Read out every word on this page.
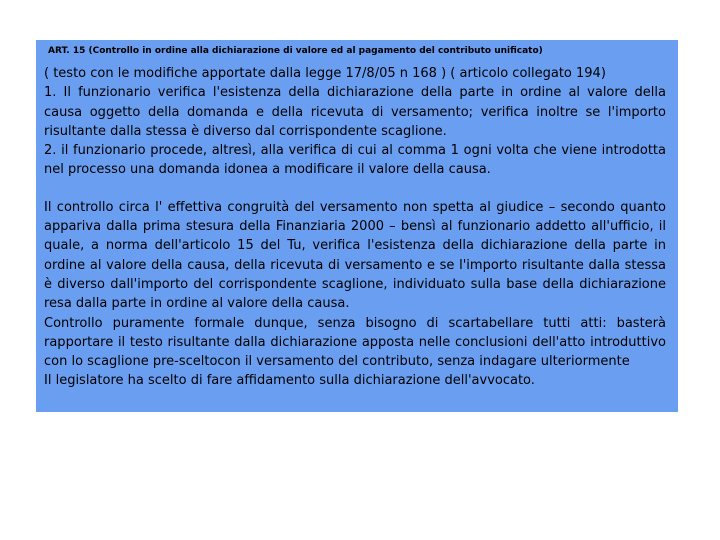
ART. 15 (Controllo in ordine alla dichiarazione di valore ed al pagamento del contributo unificato)

( testo con le modifiche apportate dalla legge 17/8/05 n 168 ) ( articolo collegato 194)

1. Il funzionario verifica l'esistenza della dichiarazione della parte in ordine al valore della causa oggetto della domanda e della ricevuta di versamento; verifica inoltre se l'importo risultante dalla stessa è diverso dal corrispondente scaglione.

2. il funzionario procede, altresì, alla verifica di cui al comma 1 ogni volta che viene introdotta nel processo una domanda idonea a modificare il valore della causa.

Il controllo circa l' effettiva congruità del versamento non spetta al giudice – secondo quanto appariva dalla prima stesura della Finanziaria 2000 – bensì al funzionario addetto all'ufficio, il quale, a norma dell'articolo 15 del Tu, verifica l'esistenza della dichiarazione della parte in ordine al valore della causa, della ricevuta di versamento e se l'importo risultante dalla stessa è diverso dall'importo del corrispondente scaglione, individuato sulla base della dichiarazione resa dalla parte in ordine al valore della causa.

Controllo puramente formale dunque, senza bisogno di scartabellare tutti atti: basterà rapportare il testo risultante dalla dichiarazione apposta nelle conclusioni dell'atto introduttivo con lo scaglione pre-sceltocon il versamento del contributo, senza indagare ulteriormente

Il legislatore ha scelto di fare affidamento sulla dichiarazione dell'avvocato.
